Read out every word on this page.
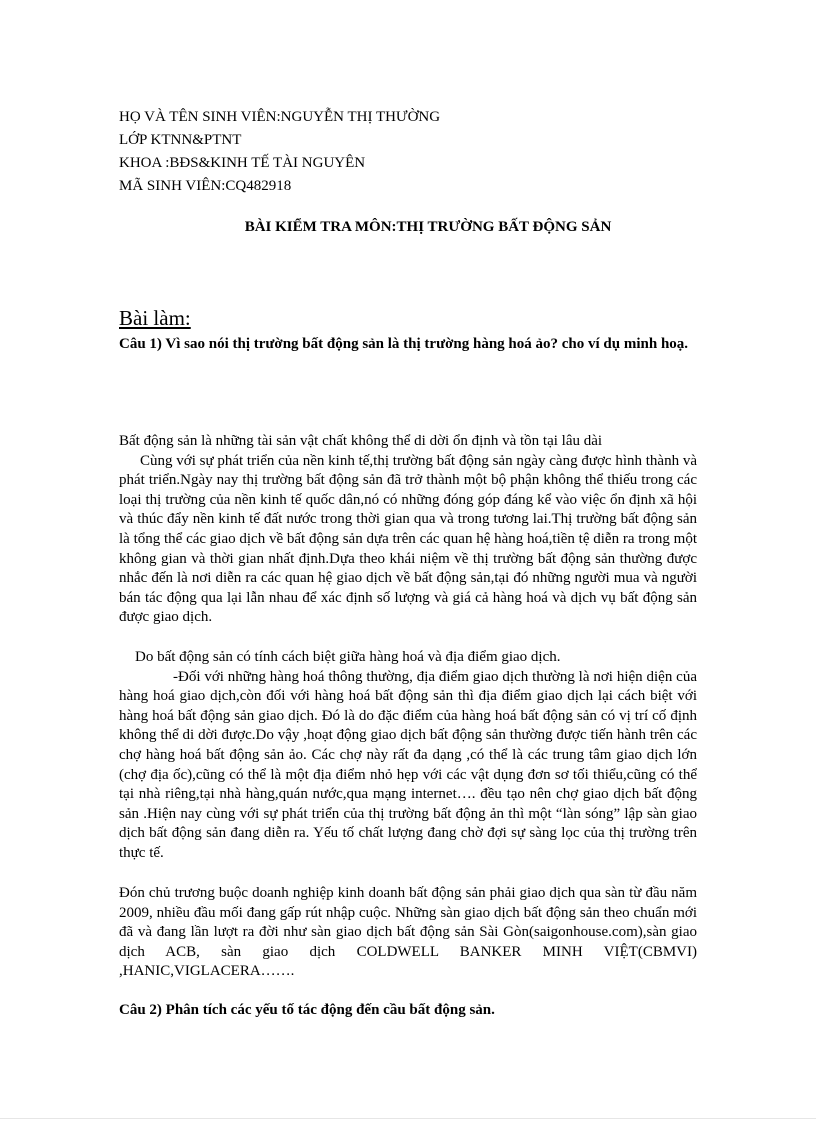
HỌ VÀ TÊN SINH VIÊN:NGUYỄN THỊ THƯỜNG
LỚP KTNN&PTNT
KHOA :BĐS&KINH TẾ TÀI NGUYÊN
MÃ SINH VIÊN:CQ482918
BÀI KIỂM TRA MÔN:THỊ TRƯỜNG BẤT ĐỘNG SẢN
Bài làm:
Câu 1) Vì sao nói thị trường bất động sản là thị trường hàng hoá ảo? cho ví dụ minh hoạ.

Bất động sản là những tài sản vật chất không thể di dời ổn định và tồn tại lâu dài

Cùng với sự phát triển của nền kinh tế,thị trường bất động sản ngày càng được hình thành và phát triển.Ngày nay thị trường bất động sản đã trở thành một bộ phận không thể thiếu trong các loại thị trường của nền kinh tế quốc dân,nó có những đóng góp đáng kể vào việc ổn định xã hội và thúc đẩy nền kinh tế đất nước trong thời gian qua và trong tương lai.Thị trường bất động sản là tổng thể các giao dịch về bất động sản dựa trên các quan hệ hàng hoá,tiền tệ diễn ra trong một không gian và thời gian nhất định.Dựa theo khái niệm về thị trường bất động sản thường được nhắc đến là nơi diễn ra các quan hệ giao dịch về bất động sản,tại đó những người mua và người bán tác động qua lại lẫn nhau để xác định số lượng và giá cả hàng hoá và dịch vụ bất động sản được giao dịch.

Do bất động sản có tính cách biệt giữa hàng hoá và địa điểm giao dịch.

-Đối với những hàng hoá thông thường, địa điểm giao dịch thường là nơi hiện diện của hàng hoá giao dịch,còn đối với hàng hoá bất động sản thì địa điểm giao dịch lại cách biệt với hàng hoá bất động sản giao dịch. Đó là do đặc điểm của hàng hoá bất động sản có vị trí cố định không thể di dời được.Do vậy ,hoạt động giao dịch bất động sản thường được tiến hành trên các chợ hàng hoá bất động sản ảo. Các chợ này rất đa dạng ,có thể là các trung tâm giao dịch lớn (chợ địa ốc),cũng có thể là một địa điểm nhỏ hẹp với các vật dụng đơn sơ tối thiểu,cũng có thể tại nhà riêng,tại nhà hàng,quán nước,qua mạng internet…. đều tạo nên chợ giao dịch bất động sản .Hiện nay cùng với sự phát triển của thị trường bất động ản thì một “làn sóng” lập sàn giao dịch bất động sản đang diễn ra. Yếu tố chất lượng đang chờ đợi sự sàng lọc của thị trường trên thực tế.

Đón chủ trương buộc doanh nghiệp kinh doanh bất động sản phải giao dịch qua sàn từ đầu năm 2009, nhiều đầu mối đang gấp rút nhập cuộc. Những sàn giao dịch bất động sản theo chuẩn mới đã và đang lần lượt ra đời như sàn giao dịch bất động sản Sài Gòn(saigonhouse.com),sàn giao dịch ACB, sàn giao dịch COLDWELL BANKER MINH VIỆT(CBMVI) ,HANIC,VIGLACERA…….

Câu 2) Phân tích các yếu tố tác động đến cầu bất động sản.
